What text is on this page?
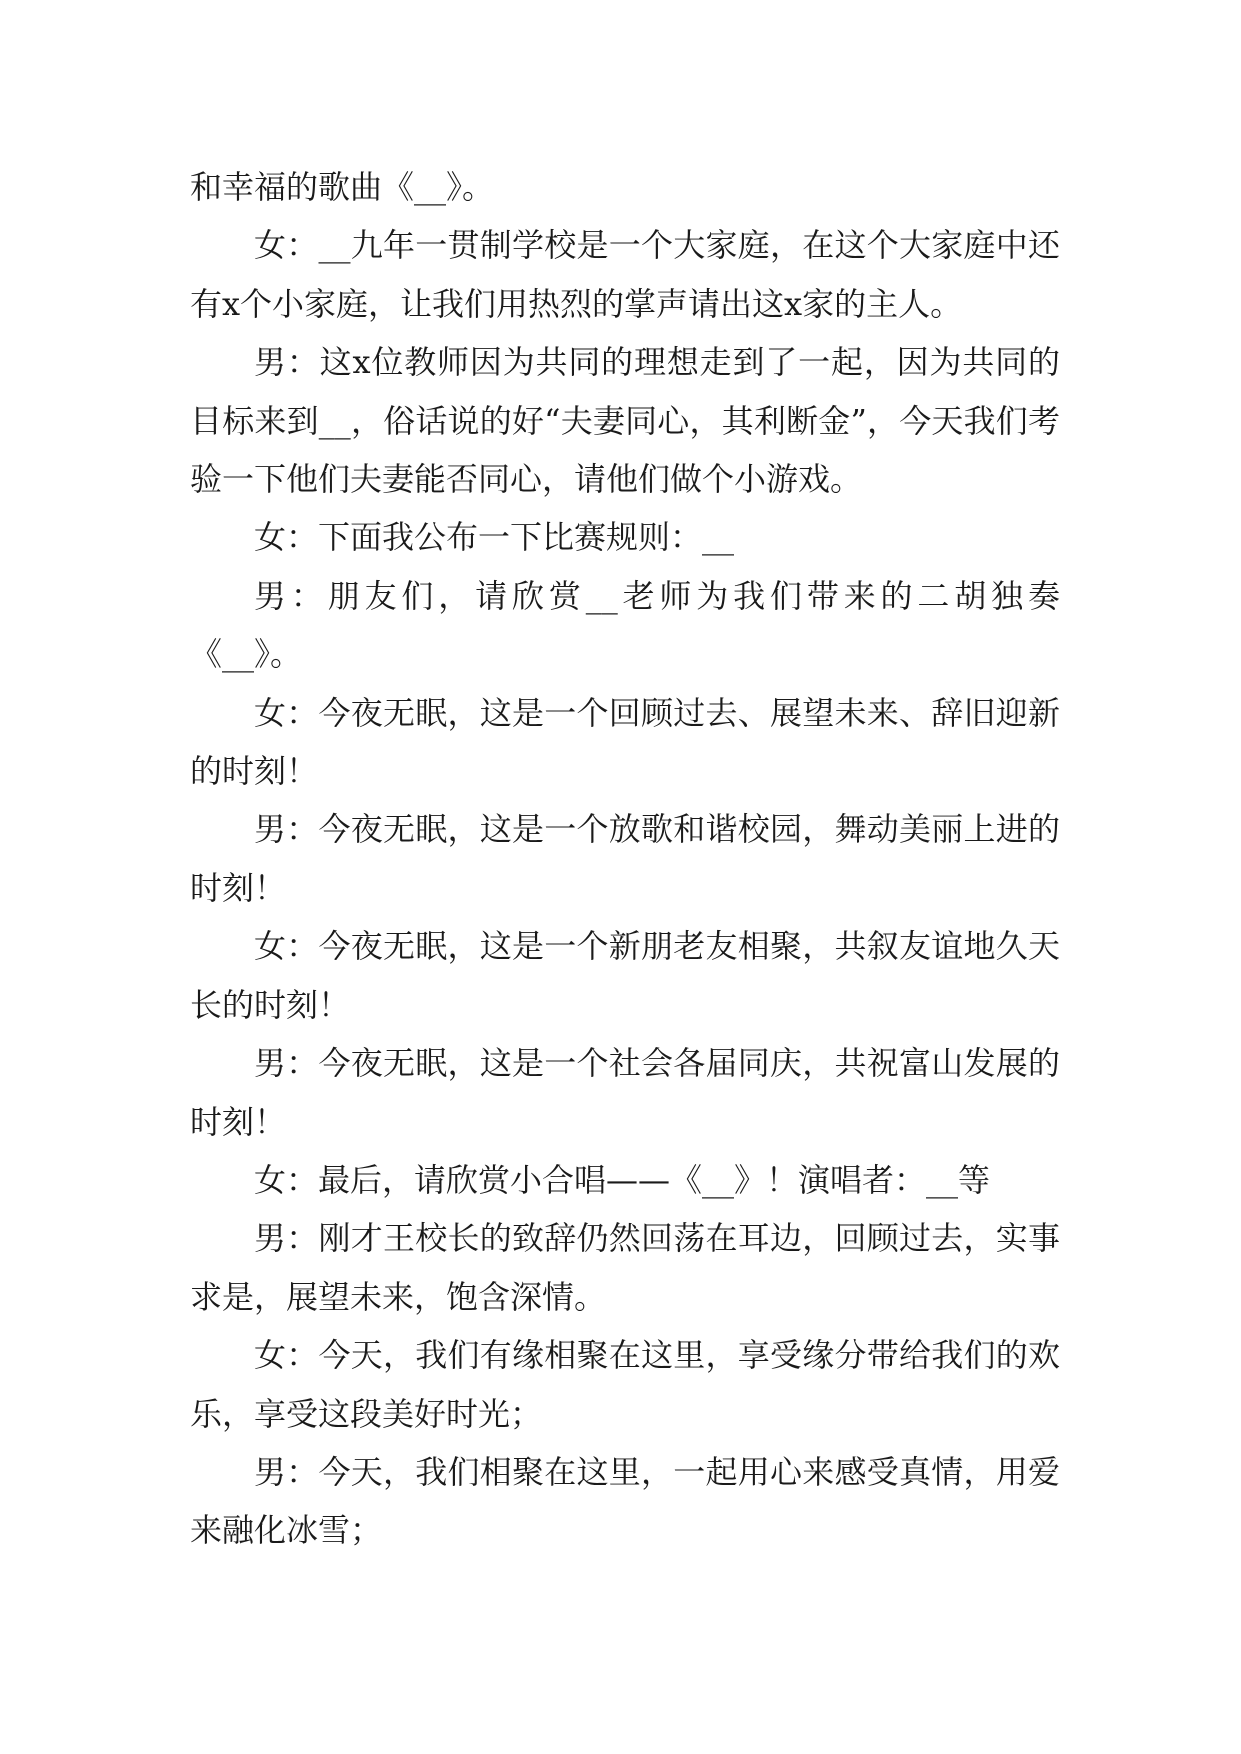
和幸福的歌曲《__》。

女：__九年一贯制学校是一个大家庭，在这个大家庭中还有x个小家庭，让我们用热烈的掌声请出这x家的主人。

男：这x位教师因为共同的理想走到了一起，因为共同的目标来到__，俗话说的好“夫妻同心，其利断金”，今天我们考验一下他们夫妻能否同心，请他们做个小游戏。

女：下面我公布一下比赛规则：__

男：朋友们，请欣赏__老师为我们带来的二胡独奏《__》。

女：今夜无眠，这是一个回顾过去、展望未来、辞旧迎新的时刻！

男：今夜无眠，这是一个放歌和谐校园，舞动美丽上进的时刻！

女：今夜无眠，这是一个新朋老友相聚，共叙友谊地久天长的时刻！

男：今夜无眠，这是一个社会各届同庆，共祝富山发展的时刻！

女：最后，请欣赏小合唱——《__》！演唱者：__等

男：刚才王校长的致辞仍然回荡在耳边，回顾过去，实事求是，展望未来，饱含深情。

女：今天，我们有缘相聚在这里，享受缘分带给我们的欢乐，享受这段美好时光；

男：今天，我们相聚在这里，一起用心来感受真情，用爱来融化冰雪；
